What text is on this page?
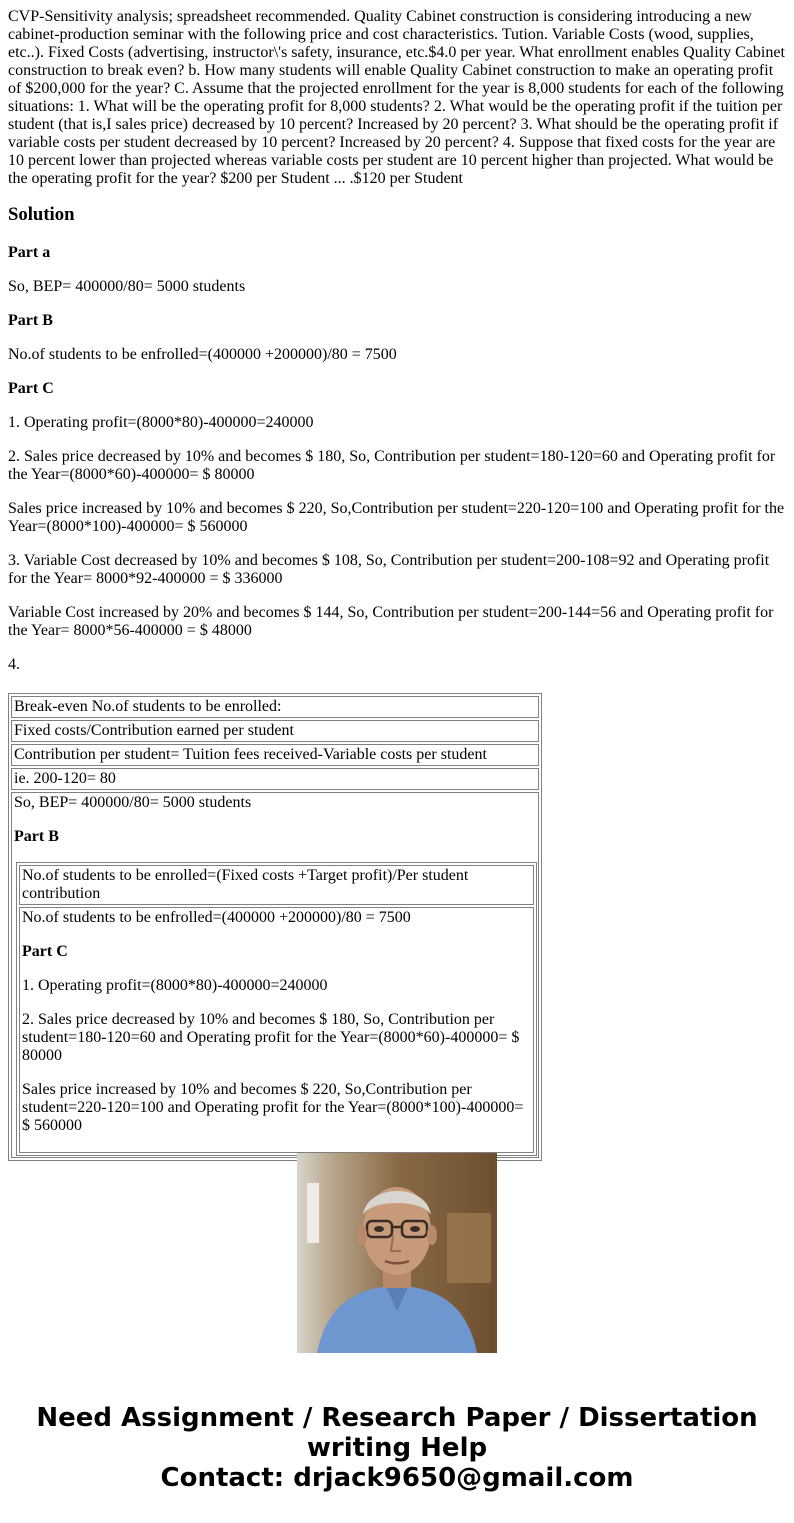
CVP-Sensitivity analysis; spreadsheet recommended. Quality Cabinet construction is considering introducing a new cabinet-production seminar with the following price and cost characteristics. Tution. Variable Costs (wood, supplies, etc..). Fixed Costs (advertising, instructor\'s safety, insurance, etc.$4.0 per year. What enrollment enables Quality Cabinet construction to break even? b. How many students will enable Quality Cabinet construction to make an operating profit of $200,000 for the year? C. Assume that the projected enrollment for the year is 8,000 students for each of the following situations: 1. What will be the operating profit for 8,000 students? 2. What would be the operating profit if the tuition per student (that is,I sales price) decreased by 10 percent? Increased by 20 percent? 3. What should be the operating profit if variable costs per student decreased by 10 percent? Increased by 20 percent? 4. Suppose that fixed costs for the year are 10 percent lower than projected whereas variable costs per student are 10 percent higher than projected. What would be the operating profit for the year? $200 per Student ... .$120 per Student

Solution

Part a

So, BEP= 400000/80= 5000 students

Part B

No.of students to be enfrolled=(400000 +200000)/80 = 7500

Part C

1. Operating profit=(8000*80)-400000=240000

2. Sales price decreased by 10% and becomes $ 180, So, Contribution per student=180-120=60 and Operating profit for the Year=(8000*60)-400000= $ 80000

Sales price increased by 10% and becomes $ 220, So,Contribution per student=220-120=100 and Operating profit for the Year=(8000*100)-400000= $ 560000

3. Variable Cost decreased by 10% and becomes $ 108, So, Contribution per student=200-108=92 and Operating profit for the Year= 8000*92-400000 = $ 336000

Variable Cost increased by 20% and becomes $ 144, So, Contribution per student=200-144=56 and Operating profit for the Year= 8000*56-400000 = $ 48000

4.

Break-even No.of students to be enrolled:
Fixed costs/Contribution earned per student
Contribution per student= Tuition fees received-Variable costs per student
ie. 200-120= 80

So, BEP= 400000/80= 5000 students
Part B
No.of students to be enrolled=(Fixed costs +Target profit)/Per student contribution

No.of students to be enfrolled=(400000 +200000)/80 = 7500
Part C
1. Operating profit=(8000*80)-400000=240000
2. Sales price decreased by 10% and becomes $ 180, So, Contribution per student=180-120=60 and Operating profit for the Year=(8000*60)-400000= $ 80000
Sales price increased by 10% and becomes $ 220, So,Contribution per student=220-120=100 and Operating profit for the Year=(8000*100)-400000= $ 560000
Need Assignment / Research Paper / Dissertation
writing Help
Contact: drjack9650@gmail.com
